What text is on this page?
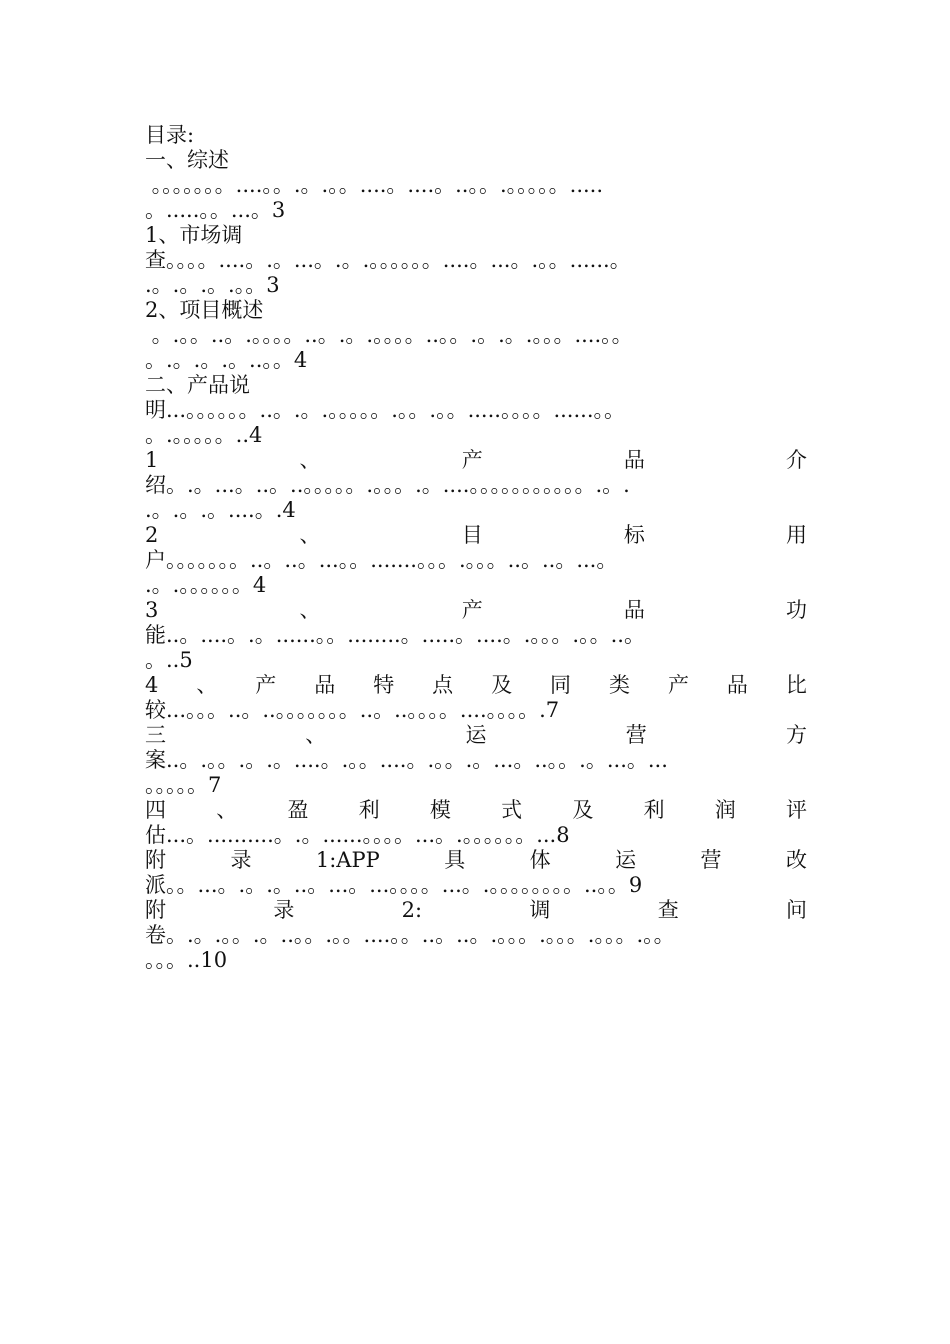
目录:
一、综述
。。。。。。。....。。.。.。。....。....。..。。.。。。。。.....
。.....。。...。3
1、市场调
查。。。。....。.。...。.。.。。。。。。....。...。.。。......。
.。.。.。.。。3
2、项目概述
。.。。..。.。。。。..。.。.。。。。..。。.。.。.。。。....。。
。.。.。.。..。。4
二、产品说
明...。。。。。。..。.。.。。。。。.。。.。。.....。。。。......。。
。.。。。。。..4
1	、	产	品	介
绍。.。...。..。..。。。。。.。。。.。....。。。。。。。。。。。.。.
.。.。.。....。.4
2	、	目	标	用
户。。。。。。。..。..。...。。.......。。。.。。。..。..。...。
.。.。。。。。。4
3	、	产	品	功
能..。....。.。......。。........。.....。....。.。。。.。。..。
。..5
4 、 产 品 特 点 及 同 类 产 品 比
较...。。。..。..。。。。。。。..。..。。。。....。。。。.7
三	、	运	营	方
案..。.。。.。.。....。.。。....。.。。.。...。..。。.。...。...
。。。。。7
四 、 盈 利 模 式 及 利 润 评
估...。..........。.。......。。。。...。.。。。。。。...8
附	录	1:APP	具	体	运	营	改
派。。...。.。.。..。...。...。。。。...。.。。。。。。。。..。。9
附	录	2:	调	查	问
卷。.。.。。.。..。。.。。....。。..。..。.。。。.。。。.。。。.。。
。。。..10
